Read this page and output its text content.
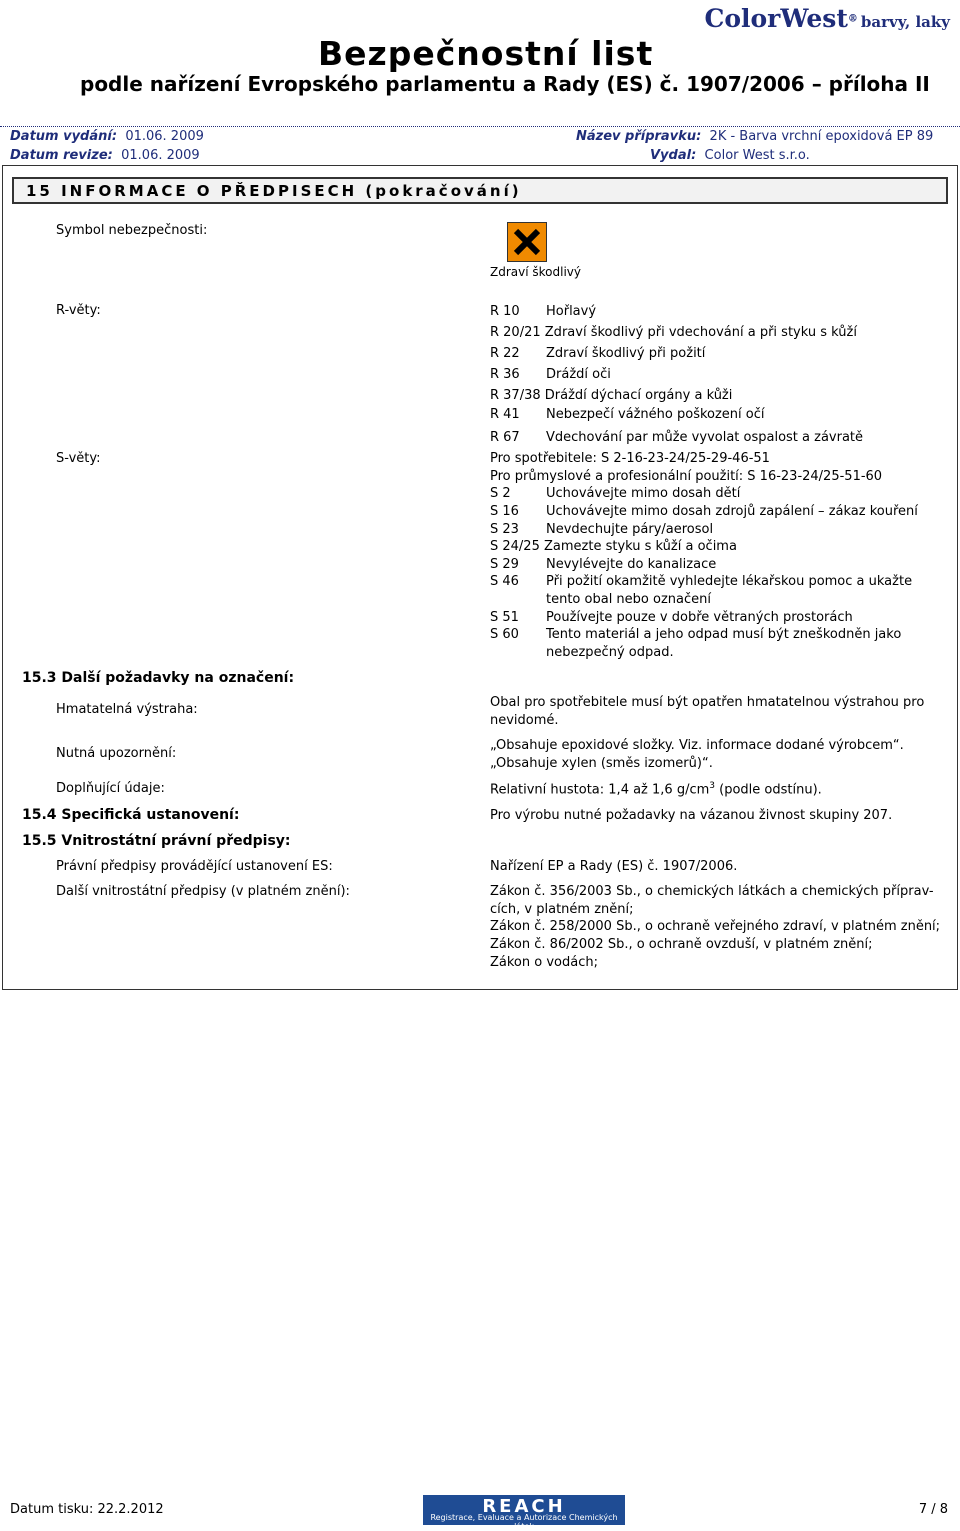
Bezpečnostní list
podle nařízení Evropského parlamentu a Rady (ES) č. 1907/2006 – příloha II
ColorWest® barvy, laky
Datum vydání: 01.06. 2009
Datum revize: 01.06. 2009
Název přípravku: 2K - Barva vrchní epoxidová EP 89
Vydal: Color West s.r.o.
15 INFORMACE O PŘEDPISECH (pokračování)
Symbol nebezpečnosti:
Zdraví škodlivý
R-věty:	R 10 Hořlavý
R 20/21 Zdraví škodlivý při vdechování a při styku s kůží
R 22 Zdraví škodlivý při požití
R 36 Dráždí oči
R 37/38 Dráždí dýchací orgány a kůži
R 41 Nebezpečí vážného poškození očí
R 67 Vdechování par může vyvolat ospalost a závratě
S-věty:	Pro spotřebitele: S 2-16-23-24/25-29-46-51
Pro průmyslové a profesionální použití: S 16-23-24/25-51-60
S 2	Uchovávejte mimo dosah dětí
S 16 Uchovávejte mimo dosah zdrojů zapálení – zákaz kouření
S 23 Nevdechujte páry/aerosol
S 24/25 Zamezte styku s kůží a očima
S 29 Nevylévejte do kanalizace
S 46 Při požití okamžitě vyhledejte lékařskou pomoc a ukažte
tento obal nebo označení
S 51 Používejte pouze v dobře větraných prostorách
S 60 Tento materiál a jeho odpad musí být zneškodněn jako
nebezpečný odpad.
15.3 Další požadavky na označení:
Hmatatelná výstraha:	Obal pro spotřebitele musí být opatřen hmatatelnou výstrahou pro
nevidomé.
Nutná upozornění:
„Obsahuje epoxidové složky. Viz. informace dodané výrobcem“.
„Obsahuje xylen (směs izomerů)“.
Doplňující údaje:	Relativní hustota: 1,4 až 1,6 $g/cm^3$ (podle odstínu).
15.4 Specifická ustanovení:	Pro výrobu nutné požadavky na vázanou živnost skupiny 207.
15.5 Vnitrostátní právní předpisy:
Právní předpisy provádějící ustanovení ES:	Nařízení EP a Rady (ES) č. 1907/2006.
Další vnitrostátní předpisy (v platném znění):	Zákon č. 356/2003 Sb., o chemických látkách a chemických příprav-
cích, v platném znění;
Zákon č. 258/2000 Sb., o ochraně veřejného zdraví, v platném znění;
Zákon č. 86/2002 Sb., o ochraně ovzduší, v platném znění;
Zákon o vodách;
Datum tisku: 22.2.2012	REACH
Registrace, Evaluace a Autorizace Chemických látek
7 / 8
